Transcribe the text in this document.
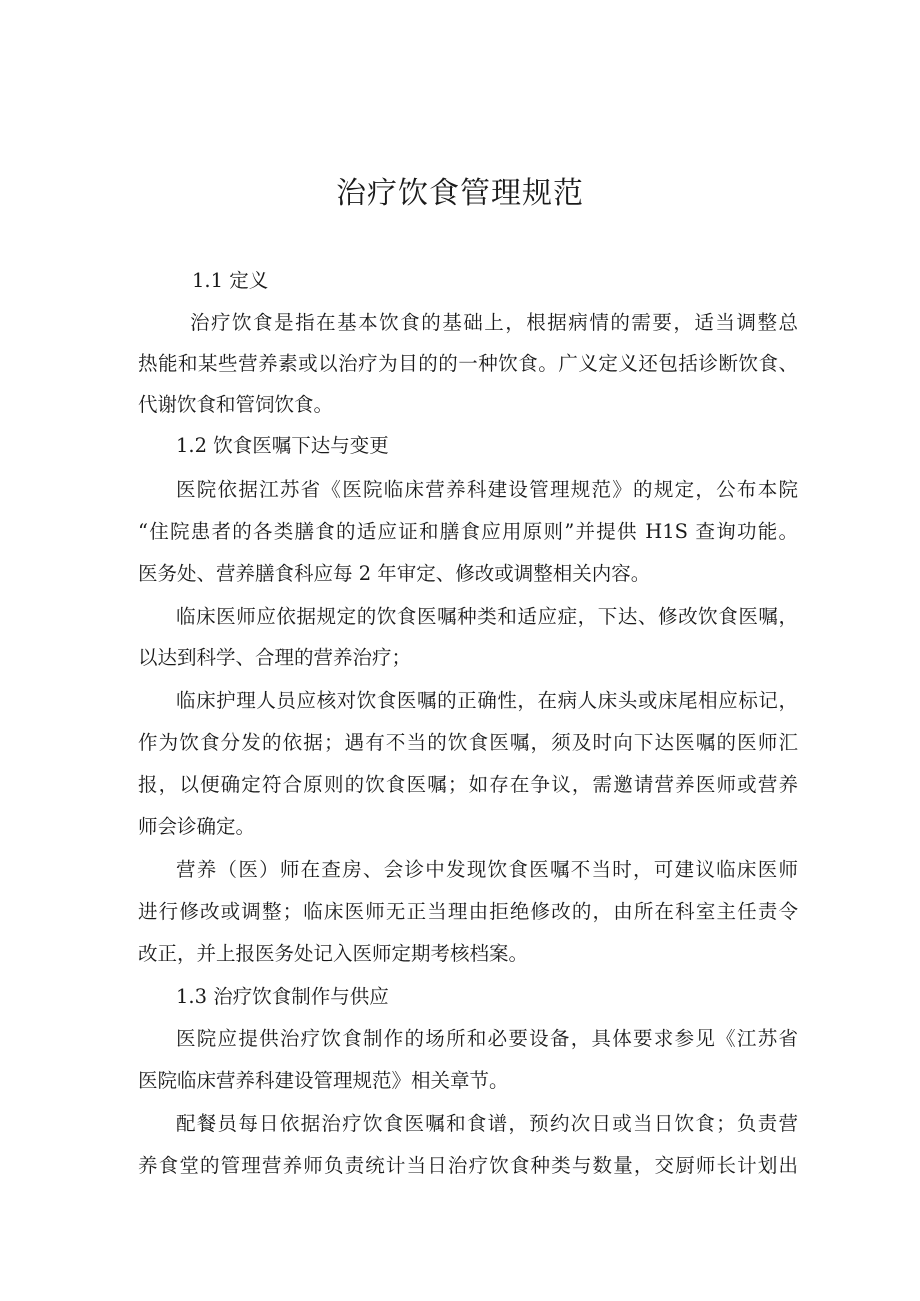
治疗饮食管理规范

1.1 定义

治疗饮食是指在基本饮食的基础上，根据病情的需要，适当调整总

热能和某些营养素或以治疗为目的的一种饮食。广义定义还包括诊断饮食、

代谢饮食和管饲饮食。

1.2 饮食医嘱下达与变更

医院依据江苏省《医院临床营养科建设管理规范》的规定，公布本院

“住院患者的各类膳食的适应证和膳食应用原则”并提供 H1S 查询功能。

医务处、营养膳食科应每 2 年审定、修改或调整相关内容。

临床医师应依据规定的饮食医嘱种类和适应症，下达、修改饮食医嘱，

以达到科学、合理的营养治疗；

临床护理人员应核对饮食医嘱的正确性，在病人床头或床尾相应标记，

作为饮食分发的依据；遇有不当的饮食医嘱，须及时向下达医嘱的医师汇

报，以便确定符合原则的饮食医嘱；如存在争议，需邀请营养医师或营养

师会诊确定。

营养（医）师在查房、会诊中发现饮食医嘱不当时，可建议临床医师

进行修改或调整；临床医师无正当理由拒绝修改的，由所在科室主任责令

改正，并上报医务处记入医师定期考核档案。

1.3 治疗饮食制作与供应

医院应提供治疗饮食制作的场所和必要设备，具体要求参见《江苏省

医院临床营养科建设管理规范》相关章节。

配餐员每日依据治疗饮食医嘱和食谱，预约次日或当日饮食；负责营

养食堂的管理营养师负责统计当日治疗饮食种类与数量，交厨师长计划出
